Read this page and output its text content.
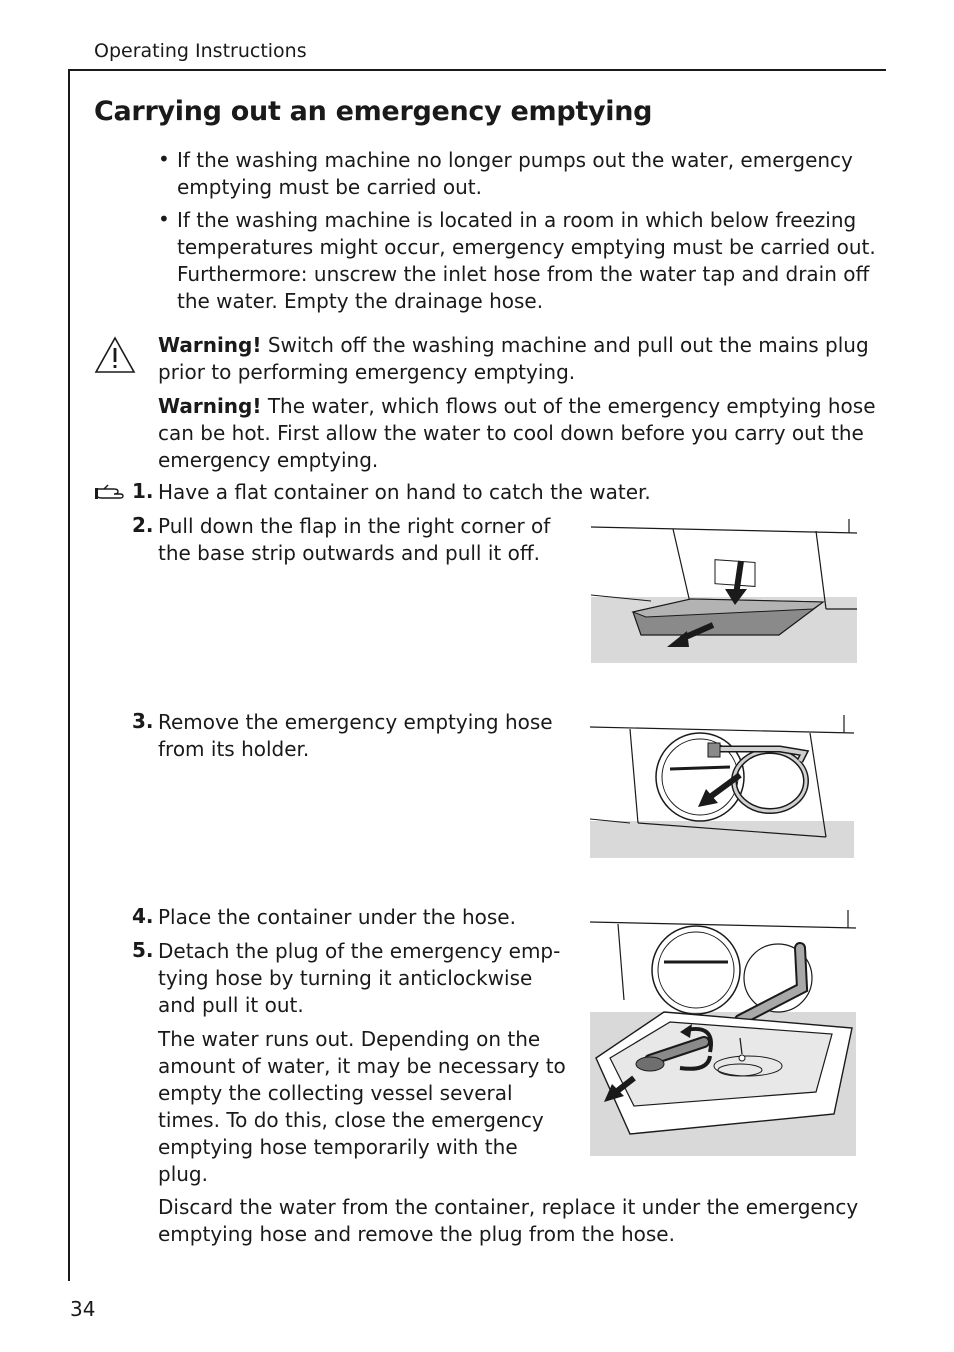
Operating Instructions
Carrying out an emergency emptying
• If the washing machine no longer pumps out the water, emergency
emptying must be carried out.
• If the washing machine is located in a room in which below freezing
temperatures might occur, emergency emptying must be carried out.
Furthermore: unscrew the inlet hose from the water tap and drain off
the water. Empty the drainage hose.
Warning! Switch off the washing machine and pull out the mains plug
prior to performing emergency emptying.
Warning! The water, which flows out of the emergency emptying hose
can be hot. First allow the water to cool down before you carry out the
emergency emptying.
1. Have a flat container on hand to catch the water.
2. Pull down the flap in the right corner of
the base strip outwards and pull it off.
3. Remove the emergency emptying hose
from its holder.
4. Place the container under the hose.
5. Detach the plug of the emergency emp-
tying hose by turning it anticlockwise
and pull it out.
The water runs out. Depending on the
amount of water, it may be necessary to
empty the collecting vessel several
times. To do this, close the emergency
emptying hose temporarily with the
plug.
Discard the water from the container, replace it under the emergency
emptying hose and remove the plug from the hose.
34
